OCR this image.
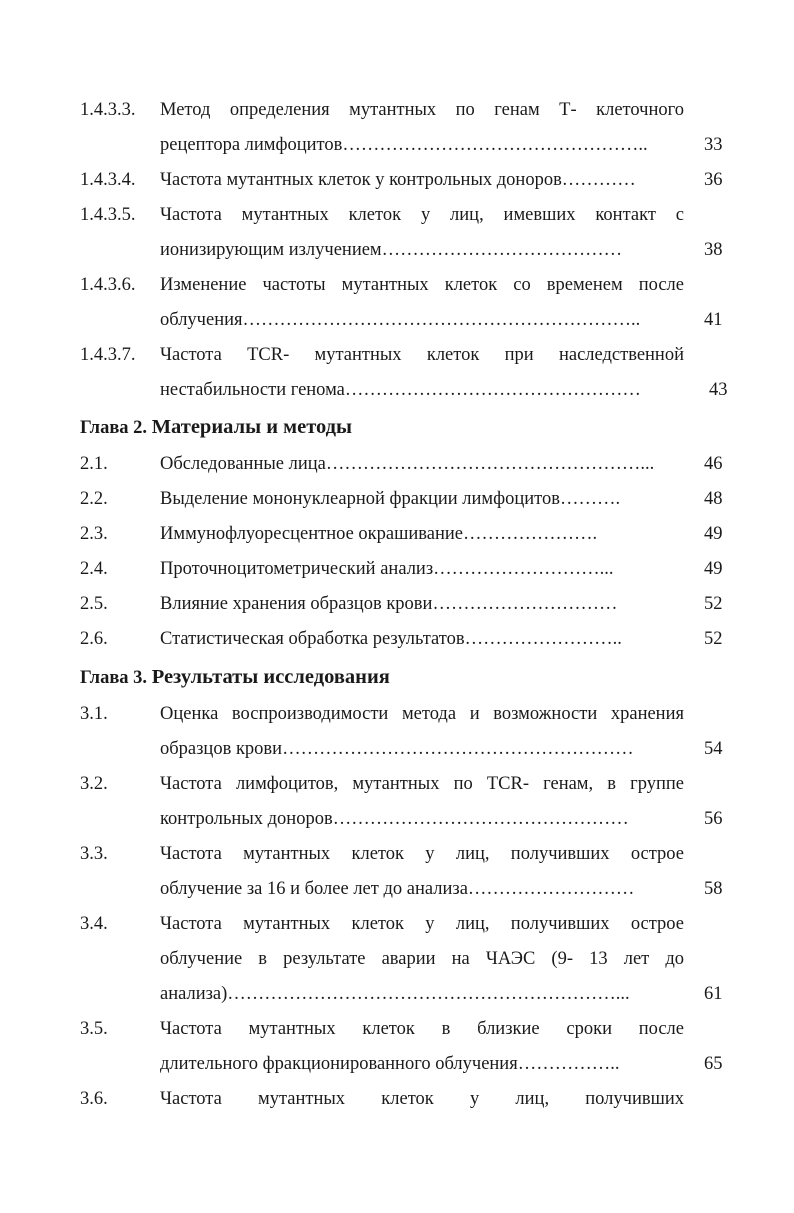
1.4.3.3. Метод определения мутантных по генам Т- клеточного
рецептора лимфоцитов…………………………………………..	33
1.4.3.4. Частота мутантных клеток у контрольных доноров…………	36
1.4.3.5. Частота мутантных клеток у лиц, имевших контакт с
ионизирующим излучением…………………………………	38
1.4.3.6. Изменение частоты мутантных клеток со временем после
облучения………………………………………………………..	41
1.4.3.7. Частота TCR- мутантных клеток при наследственной
нестабильности генома…………………………………………	43
Глава 2. Материалы и методы
2.1.	Обследованные лица……………………………………………...	46
2.2.	Выделение мононуклеарной фракции лимфоцитов……….	48
2.3.	Иммунофлуоресцентное окрашивание………………….	49
2.4.	Проточноцитометрический анализ………………………...	49
2.5.	Влияние хранения образцов крови…………………………	52
2.6.	Статистическая обработка результатов……………………..	52
Глава 3. Результаты исследования
3.1.	Оценка воспроизводимости метода и возможности хранения
образцов крови…………………………………………………	54
3.2.	Частота лимфоцитов, мутантных по TCR- генам, в группе
контрольных доноров…………………………………………	56
3.3.	Частота мутантных клеток у лиц, получивших острое
облучение за 16 и более лет до анализа………………………	58
3.4.	Частота мутантных клеток у лиц, получивших острое
облучение в результате аварии на ЧАЭС (9- 13 лет до
анализа)………………………………………………………...	61
3.5.	Частота мутантных клеток в близкие сроки после
длительного фракционированного облучения……………..	65
3.6.	Частота мутантных клеток у лиц, получивших
